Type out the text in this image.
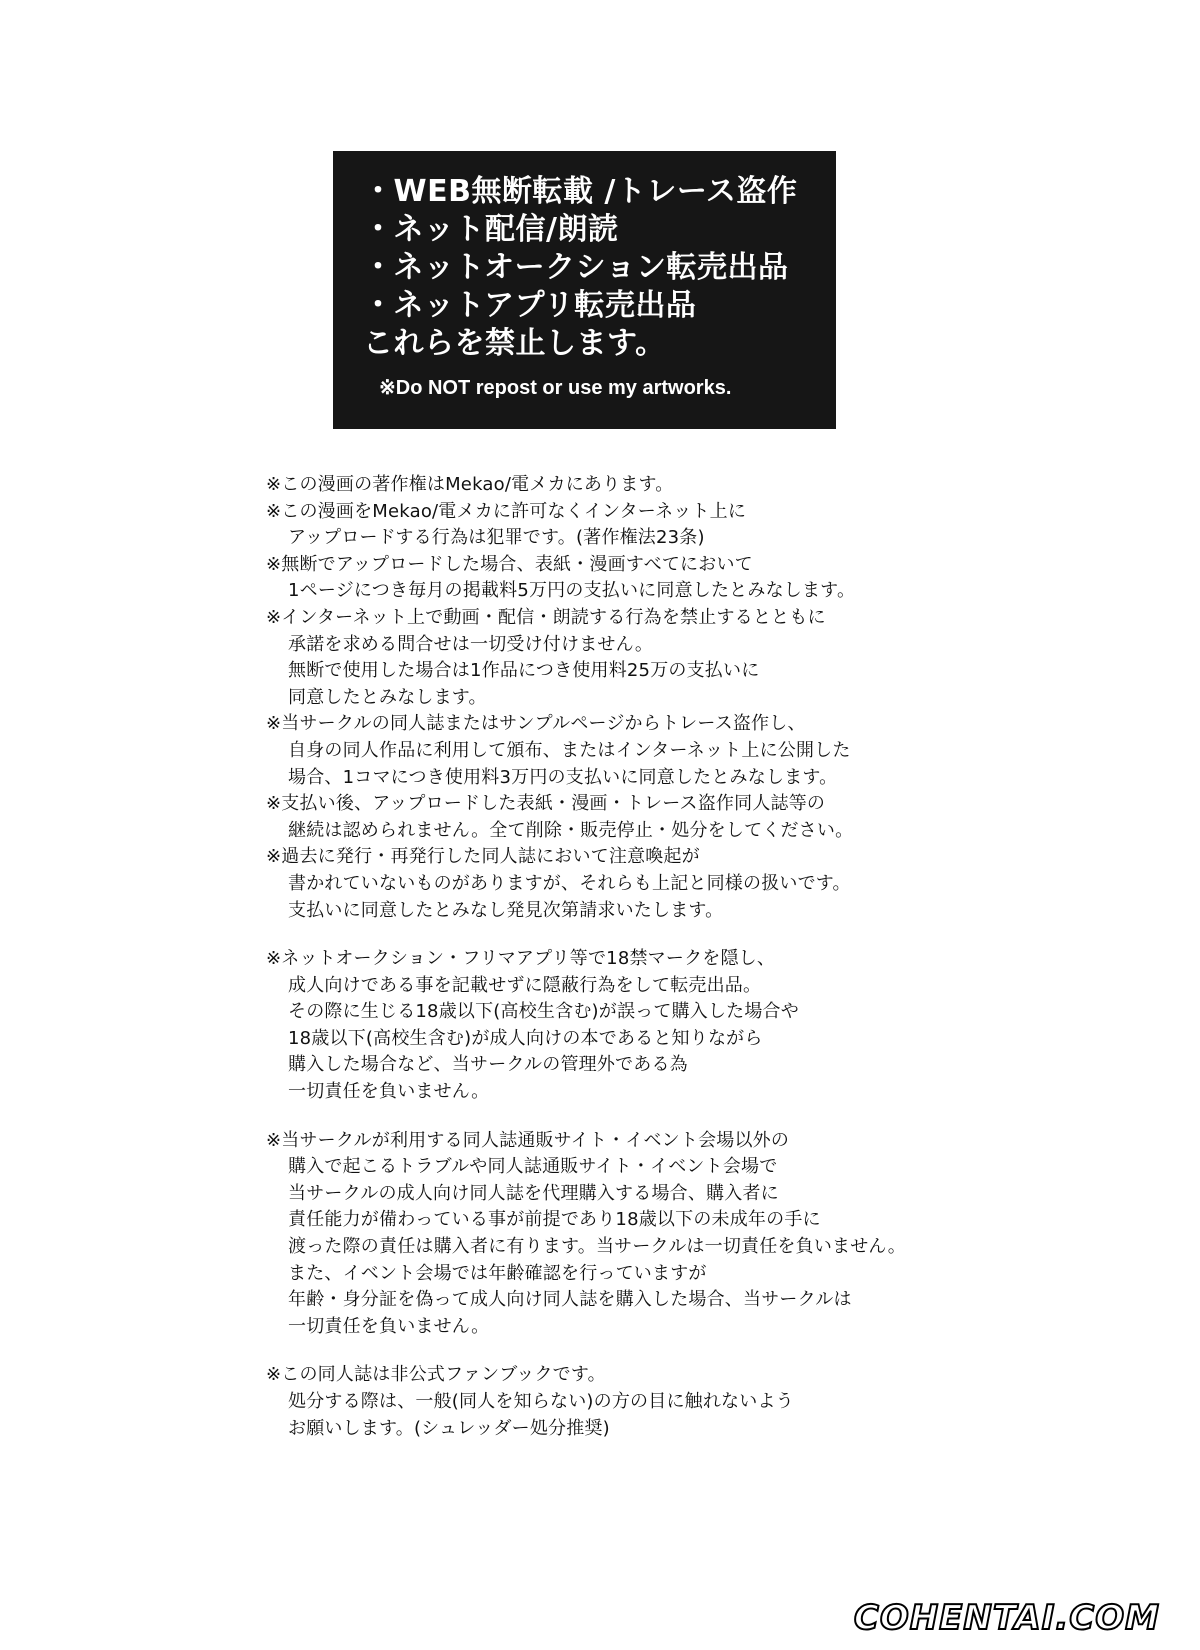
・WEB無断転載 /トレース盗作
・ネット配信/朗読
・ネットオークション転売出品
・ネットアプリ転売出品
これらを禁止します。
※Do NOT repost or use my artworks.
※この漫画の著作権はMekao/電メカにあります。
※この漫画をMekao/電メカに許可なくインターネット上に
アップロードする行為は犯罪です。(著作権法23条)
※無断でアップロードした場合、表紙・漫画すべてにおいて
1ページにつき毎月の掲載料5万円の支払いに同意したとみなします。
※インターネット上で動画・配信・朗読する行為を禁止するとともに
承諾を求める問合せは一切受け付けません。
無断で使用した場合は1作品につき使用料25万の支払いに
同意したとみなします。
※当サークルの同人誌またはサンプルページからトレース盗作し、
自身の同人作品に利用して頒布、またはインターネット上に公開した
場合、1コマにつき使用料3万円の支払いに同意したとみなします。
※支払い後、アップロードした表紙・漫画・トレース盗作同人誌等の
継続は認められません。全て削除・販売停止・処分をしてください。
※過去に発行・再発行した同人誌において注意喚起が
書かれていないものがありますが、それらも上記と同様の扱いです。
支払いに同意したとみなし発見次第請求いたします。
※ネットオークション・フリマアプリ等で18禁マークを隠し、
成人向けである事を記載せずに隠蔽行為をして転売出品。
その際に生じる18歳以下(高校生含む)が誤って購入した場合や
18歳以下(高校生含む)が成人向けの本であると知りながら
購入した場合など、当サークルの管理外である為
一切責任を負いません。
※当サークルが利用する同人誌通販サイト・イベント会場以外の
購入で起こるトラブルや同人誌通販サイト・イベント会場で
当サークルの成人向け同人誌を代理購入する場合、購入者に
責任能力が備わっている事が前提であり18歳以下の未成年の手に
渡った際の責任は購入者に有ります。当サークルは一切責任を負いません。
また、イベント会場では年齢確認を行っていますが
年齢・身分証を偽って成人向け同人誌を購入した場合、当サークルは
一切責任を負いません。
※この同人誌は非公式ファンブックです。
処分する際は、一般(同人を知らない)の方の目に触れないよう
お願いします。(シュレッダー処分推奨)
COHENTAI.COM
